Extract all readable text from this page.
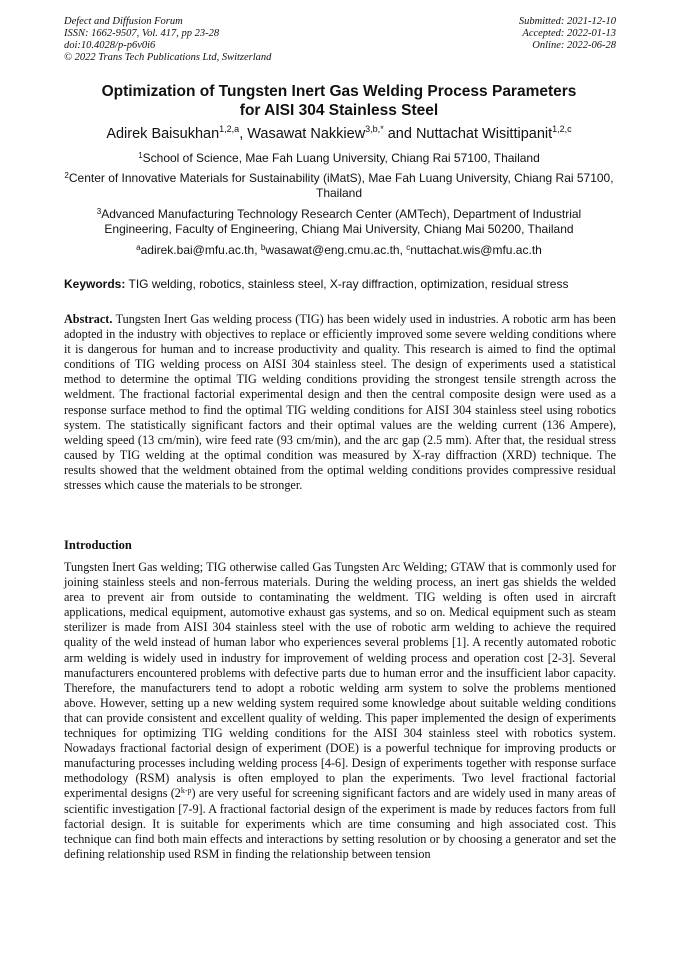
Defect and Diffusion Forum
ISSN: 1662-9507, Vol. 417, pp 23-28
doi:10.4028/p-p6v0i6
© 2022 Trans Tech Publications Ltd, Switzerland
Submitted: 2021-12-10
Accepted: 2022-01-13
Online: 2022-06-28
Optimization of Tungsten Inert Gas Welding Process Parameters
for AISI 304 Stainless Steel
Adirek Baisukhan$^{1,2,a}$, Wasawat Nakkiew$^{3,b,*}$ and Nuttachat Wisittipanit$^{1,2,c}$
$^1$School of Science, Mae Fah Luang University, Chiang Rai 57100, Thailand
$^2$Center of Innovative Materials for Sustainability (iMatS), Mae Fah Luang University, Chiang Rai 57100, Thailand
$^3$Advanced Manufacturing Technology Research Center (AMTech), Department of Industrial Engineering, Faculty of Engineering, Chiang Mai University, Chiang Mai 50200, Thailand
$^a$adirek.bai@mfu.ac.th, $^b$wasawat@eng.cmu.ac.th, $^c$nuttachat.wis@mfu.ac.th
Keywords: TIG welding, robotics, stainless steel, X-ray diffraction, optimization, residual stress
Abstract. Tungsten Inert Gas welding process (TIG) has been widely used in industries. A robotic arm has been adopted in the industry with objectives to replace or efficiently improved some severe welding conditions where it is dangerous for human and to increase productivity and quality. This research is aimed to find the optimal conditions of TIG welding process on AISI 304 stainless steel. The design of experiments used a statistical method to determine the optimal TIG welding conditions providing the strongest tensile strength across the weldment. The fractional factorial experimental design and then the central composite design were used as a response surface method to find the optimal TIG welding conditions for AISI 304 stainless steel using robotics system. The statistically significant factors and their optimal values are the welding current (136 Ampere), welding speed (13 cm/min), wire feed rate (93 cm/min), and the arc gap (2.5 mm). After that, the residual stress caused by TIG welding at the optimal condition was measured by X-ray diffraction (XRD) technique. The results showed that the weldment obtained from the optimal welding conditions provides compressive residual stresses which cause the materials to be stronger.
Introduction
Tungsten Inert Gas welding; TIG otherwise called Gas Tungsten Arc Welding; GTAW that is commonly used for joining stainless steels and non-ferrous materials. During the welding process, an inert gas shields the welded area to prevent air from outside to contaminating the weldment. TIG welding is often used in aircraft applications, medical equipment, automotive exhaust gas systems, and so on. Medical equipment such as steam sterilizer is made from AISI 304 stainless steel with the use of robotic arm welding to achieve the required quality of the weld instead of human labor who experiences several problems [1]. A recently automated robotic arm welding is widely used in industry for improvement of welding process and operation cost [2-3]. Several manufacturers encountered problems with defective parts due to human error and the insufficient labor capacity. Therefore, the manufacturers tend to adopt a robotic welding arm system to solve the problems mentioned above. However, setting up a new welding system required some knowledge about suitable welding conditions that can provide consistent and excellent quality of welding. This paper implemented the design of experiments techniques for optimizing TIG welding conditions for the AISI 304 stainless steel with robotics system. Nowadays fractional factorial design of experiment (DOE) is a powerful technique for improving products or manufacturing processes including welding process [4-6]. Design of experiments together with response surface methodology (RSM) analysis is often employed to plan the experiments. Two level fractional factorial experimental designs (2$^{k-p}$) are very useful for screening significant factors and are widely used in many areas of scientific investigation [7-9]. A fractional factorial design of the experiment is made by reduces factors from full factorial design. It is suitable for experiments which are time consuming and high associated cost. This technique can find both main effects and interactions by setting resolution or by choosing a generator and set the defining relationship used RSM in finding the relationship between tension
